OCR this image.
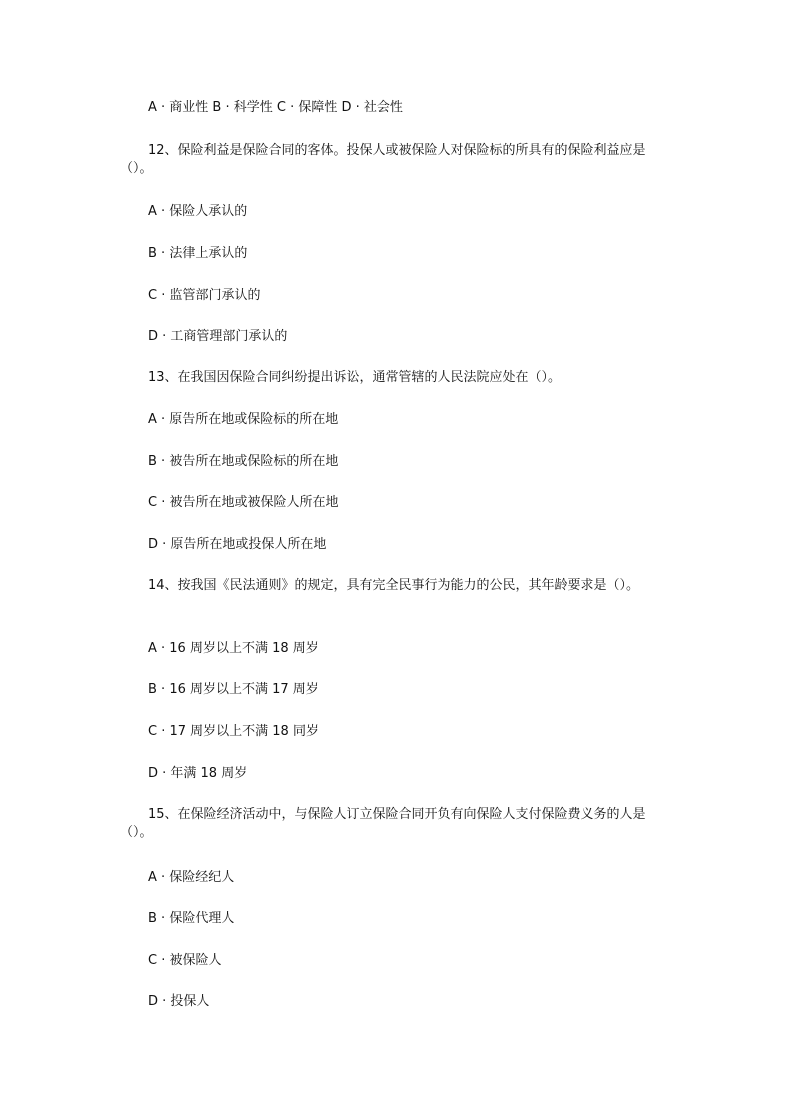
A · 商业性 B · 科学性 C · 保障性 D · 社会性
12、保险利益是保险合同的客体。投保人或被保险人对保险标的所具有的保险利益应是（）。
A · 保险人承认的
B · 法律上承认的
C · 监管部门承认的
D · 工商管理部门承认的
13、在我国因保险合同纠纷提出诉讼，通常管辖的人民法院应处在（）。
A · 原告所在地或保险标的所在地
B · 被告所在地或保险标的所在地
C · 被告所在地或被保险人所在地
D · 原告所在地或投保人所在地
14、按我国《民法通则》的规定，具有完全民事行为能力的公民，其年龄要求是（）。
A · 16 周岁以上不满 18 周岁
B · 16 周岁以上不满 17 周岁
C · 17 周岁以上不满 18 同岁
D · 年满 18 周岁
15、在保险经济活动中，与保险人订立保险合同开负有向保险人支付保险费义务的人是（）。
A · 保险经纪人
B · 保险代理人
C · 被保险人
D · 投保人
